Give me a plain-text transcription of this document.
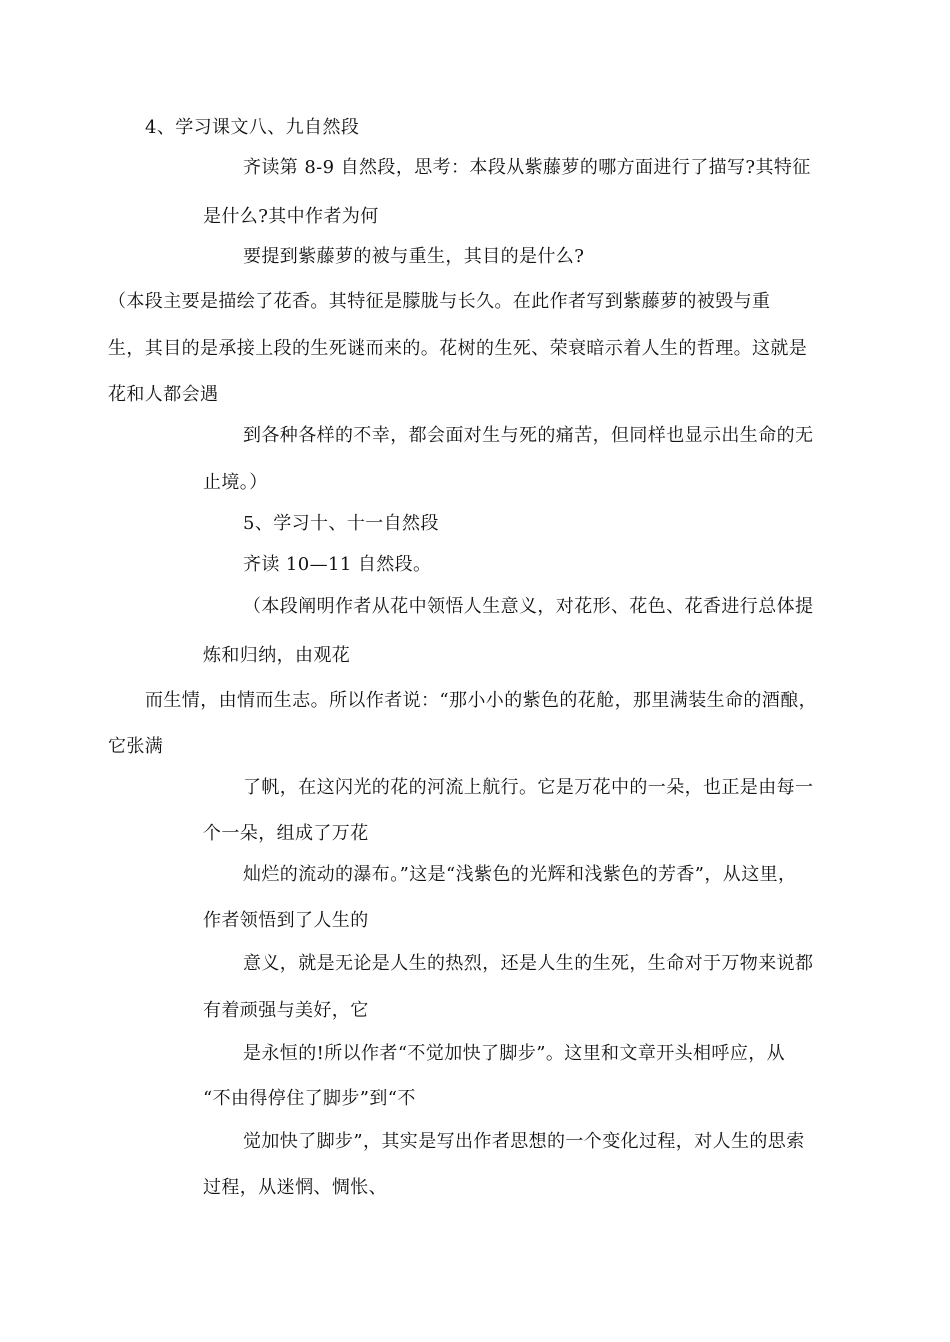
4、学习课文八、九自然段
齐读第 8-9 自然段，思考：本段从紫藤萝的哪方面进行了描写?其特征
是什么?其中作者为何
要提到紫藤萝的被与重生，其目的是什么?
（本段主要是描绘了花香。其特征是朦胧与长久。在此作者写到紫藤萝的被毁与重
生，其目的是承接上段的生死谜而来的。花树的生死、荣衰暗示着人生的哲理。这就是
花和人都会遇
到各种各样的不幸，都会面对生与死的痛苦，但同样也显示出生命的无
止境。）
5、学习十、十一自然段
齐读 10—11 自然段。
（本段阐明作者从花中领悟人生意义，对花形、花色、花香进行总体提
炼和归纳，由观花
而生情，由情而生志。所以作者说：“那小小的紫色的花舱，那里满装生命的酒酿，
它张满
了帆，在这闪光的花的河流上航行。它是万花中的一朵，也正是由每一
个一朵，组成了万花
灿烂的流动的瀑布。”这是“浅紫色的光辉和浅紫色的芳香”，从这里，
作者领悟到了人生的
意义，就是无论是人生的热烈，还是人生的生死，生命对于万物来说都
有着顽强与美好，它
是永恒的!所以作者“不觉加快了脚步”。这里和文章开头相呼应，从
“不由得停住了脚步”到“不
觉加快了脚步”，其实是写出作者思想的一个变化过程，对人生的思索
过程，从迷惘、惆怅、
